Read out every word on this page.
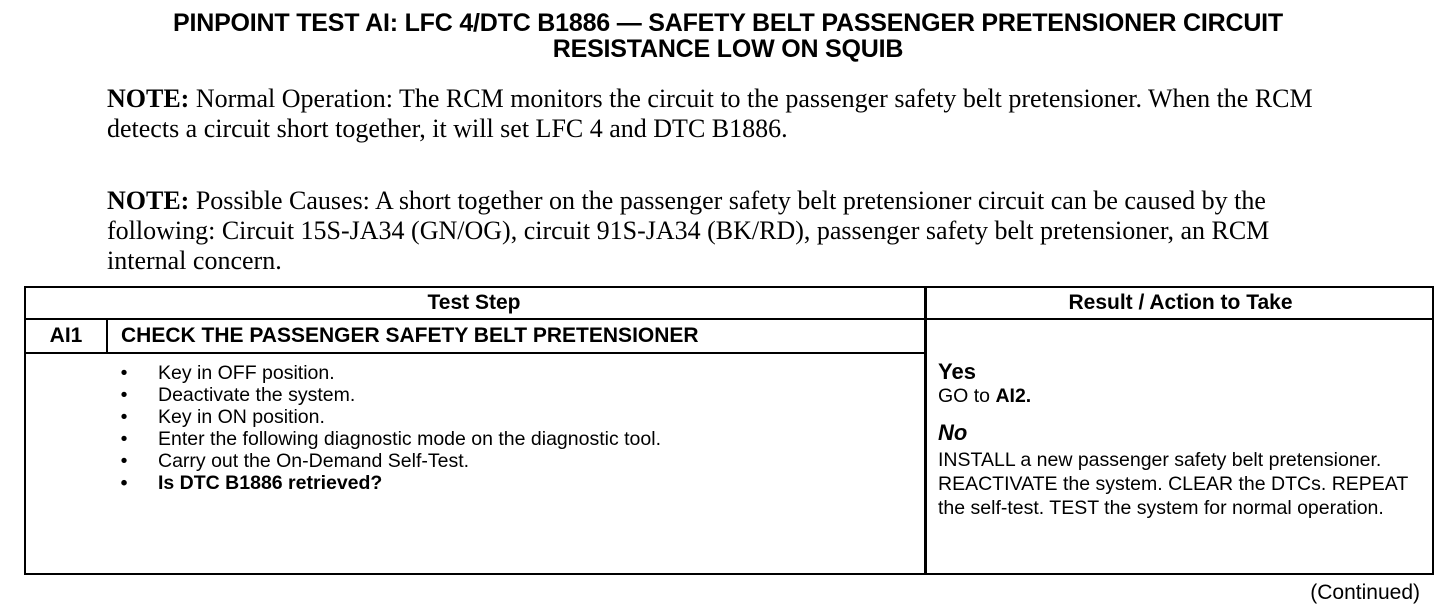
PINPOINT TEST AI: LFC 4/DTC B1886 — SAFETY BELT PASSENGER PRETENSIONER CIRCUIT
RESISTANCE LOW ON SQUIB
NOTE: Normal Operation: The RCM monitors the circuit to the passenger safety belt pretensioner. When the RCM detects a circuit short together, it will set LFC 4 and DTC B1886.
NOTE: Possible Causes: A short together on the passenger safety belt pretensioner circuit can be caused by the following: Circuit 15S-JA34 (GN/OG), circuit 91S-JA34 (BK/RD), passenger safety belt pretensioner, an RCM internal concern.
Test Step	Result / Action to Take
AI1	CHECK THE PASSENGER SAFETY BELT PRETENSIONER
• Key in OFF position.
• Deactivate the system.
• Key in ON position.
• Enter the following diagnostic mode on the diagnostic tool.
• Carry out the On-Demand Self-Test.
• Is DTC B1886 retrieved?
Yes
GO to AI2.
No
INSTALL a new passenger safety belt pretensioner. REACTIVATE the system. CLEAR the DTCs. REPEAT the self-test. TEST the system for normal operation.
(Continued)
